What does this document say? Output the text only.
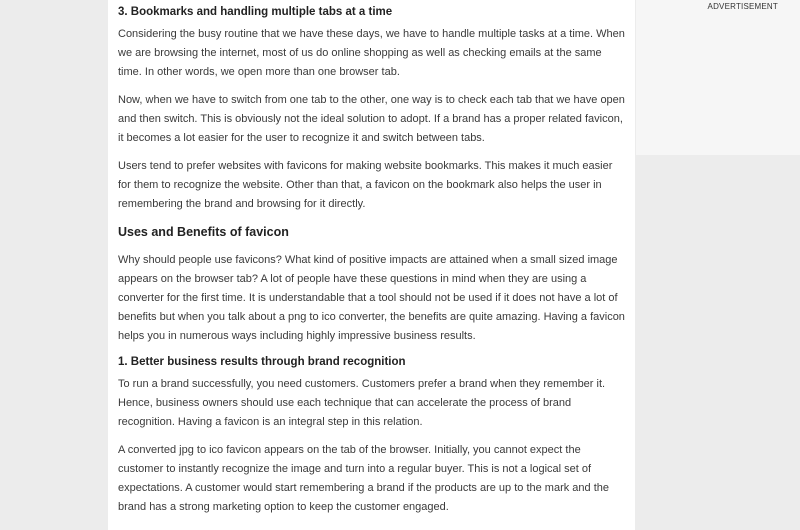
3. Bookmarks and handling multiple tabs at a time

Considering the busy routine that we have these days, we have to handle multiple tasks at a time. When we are browsing the internet, most of us do online shopping as well as checking emails at the same time. In other words, we open more than one browser tab.

Now, when we have to switch from one tab to the other, one way is to check each tab that we have open and then switch. This is obviously not the ideal solution to adopt. If a brand has a proper related favicon, it becomes a lot easier for the user to recognize it and switch between tabs.

Users tend to prefer websites with favicons for making website bookmarks. This makes it much easier for them to recognize the website. Other than that, a favicon on the bookmark also helps the user in remembering the brand and browsing for it directly.

Uses and Benefits of favicon

Why should people use favicons? What kind of positive impacts are attained when a small sized image appears on the browser tab? A lot of people have these questions in mind when they are using a converter for the first time. It is understandable that a tool should not be used if it does not have a lot of benefits but when you talk about a png to ico converter, the benefits are quite amazing. Having a favicon helps you in numerous ways including highly impressive business results.

1. Better business results through brand recognition

To run a brand successfully, you need customers. Customers prefer a brand when they remember it. Hence, business owners should use each technique that can accelerate the process of brand recognition. Having a favicon is an integral step in this relation.

A converted jpg to ico favicon appears on the tab of the browser. Initially, you cannot expect the customer to instantly recognize the image and turn into a regular buyer. This is not a logical set of expectations. A customer would start remembering a brand if the products are up to the mark and the brand has a strong marketing option to keep the customer engaged.

ADVERTISEMENT
